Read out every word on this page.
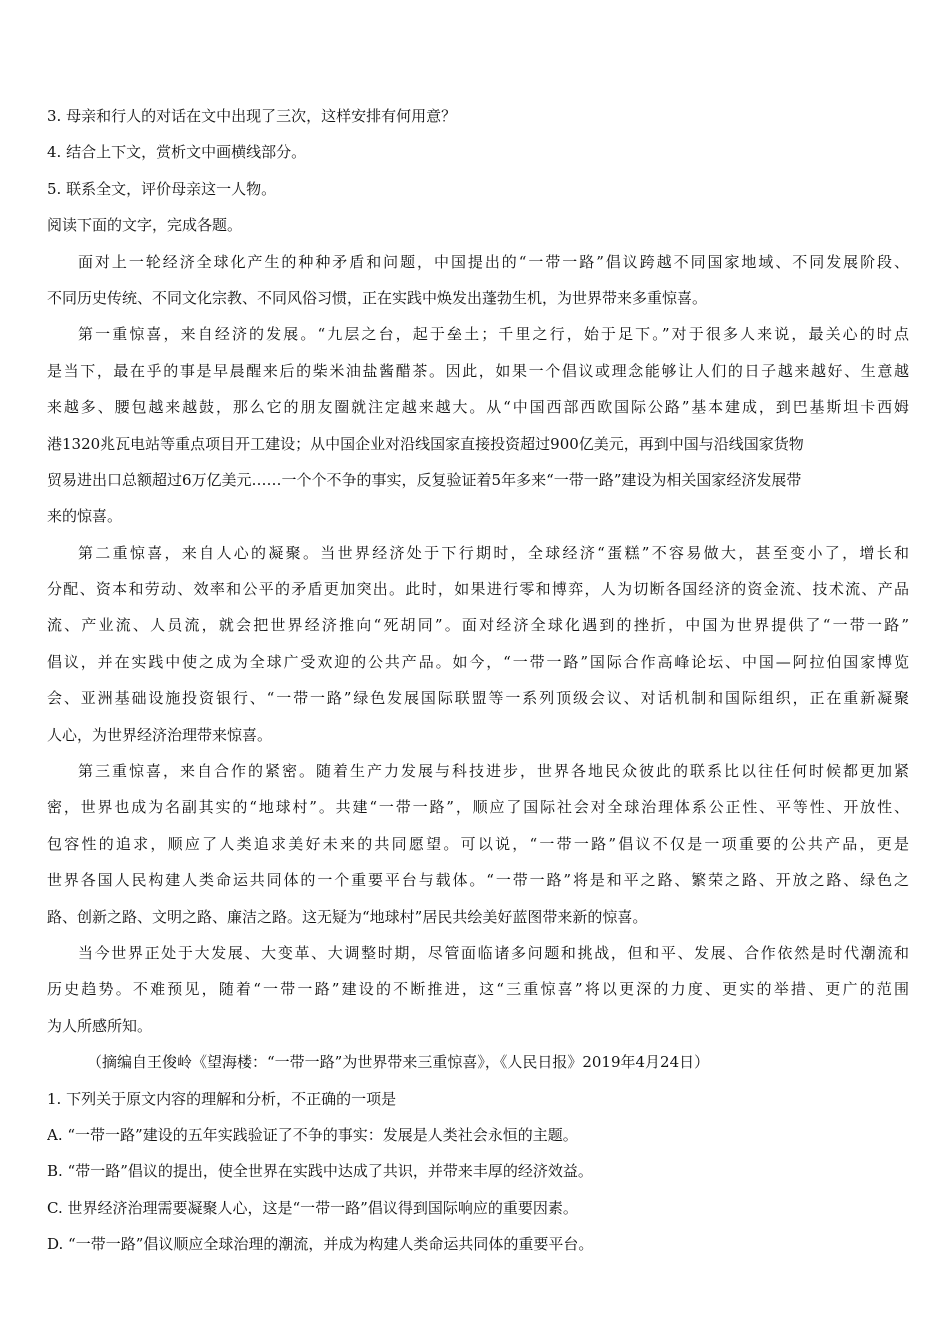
3. 母亲和行人的对话在文中出现了三次，这样安排有何用意？
4. 结合上下文，赏析文中画横线部分。
5. 联系全文，评价母亲这一人物。
阅读下面的文字，完成各题。
面对上一轮经济全球化产生的种种矛盾和问题，中国提出的“一带一路”倡议跨越不同国家地域、不同发展阶段、
不同历史传统、不同文化宗教、不同风俗习惯，正在实践中焕发出蓬勃生机，为世界带来多重惊喜。
第一重惊喜，来自经济的发展。“九层之台，起于垒土；千里之行，始于足下。”对于很多人来说，最关心的时点
是当下，最在乎的事是早晨醒来后的柴米油盐酱醋茶。因此，如果一个倡议或理念能够让人们的日子越来越好、生意越
来越多、腰包越来越鼓，那么它的朋友圈就注定越来越大。从“中国西部西欧国际公路”基本建成，到巴基斯坦卡西姆
港1320兆瓦电站等重点项目开工建设；从中国企业对沿线国家直接投资超过900亿美元，再到中国与沿线国家货物
贸易进出口总额超过6万亿美元……一个个不争的事实，反复验证着5年多来“一带一路”建设为相关国家经济发展带
来的惊喜。
第二重惊喜，来自人心的凝聚。当世界经济处于下行期时，全球经济“蛋糕”不容易做大，甚至变小了，增长和
分配、资本和劳动、效率和公平的矛盾更加突出。此时，如果进行零和博弈，人为切断各国经济的资金流、技术流、产品
流、产业流、人员流，就会把世界经济推向“死胡同”。面对经济全球化遇到的挫折，中国为世界提供了“一带一路”
倡议，并在实践中使之成为全球广受欢迎的公共产品。如今，“一带一路”国际合作高峰论坛、中国—阿拉伯国家博览
会、亚洲基础设施投资银行、“一带一路”绿色发展国际联盟等一系列顶级会议、对话机制和国际组织，正在重新凝聚
人心，为世界经济治理带来惊喜。
第三重惊喜，来自合作的紧密。随着生产力发展与科技进步，世界各地民众彼此的联系比以往任何时候都更加紧
密，世界也成为名副其实的“地球村”。共建“一带一路”，顺应了国际社会对全球治理体系公正性、平等性、开放性、
包容性的追求，顺应了人类追求美好未来的共同愿望。可以说，“一带一路”倡议不仅是一项重要的公共产品，更是
世界各国人民构建人类命运共同体的一个重要平台与载体。“一带一路”将是和平之路、繁荣之路、开放之路、绿色之
路、创新之路、文明之路、廉洁之路。这无疑为“地球村”居民共绘美好蓝图带来新的惊喜。
当今世界正处于大发展、大变革、大调整时期，尽管面临诸多问题和挑战，但和平、发展、合作依然是时代潮流和
历史趋势。不难预见，随着“一带一路”建设的不断推进，这“三重惊喜”将以更深的力度、更实的举措、更广的范围
为人所感所知。
（摘编自王俊岭《望海楼：“一带一路”为世界带来三重惊喜》，《人民日报》2019年4月24日）
1. 下列关于原文内容的理解和分析，不正确的一项是
A. “一带一路”建设的五年实践验证了不争的事实：发展是人类社会永恒的主题。
B. “带一路”倡议的提出，使全世界在实践中达成了共识，并带来丰厚的经济效益。
C. 世界经济治理需要凝聚人心，这是“一带一路”倡议得到国际响应的重要因素。
D. “一带一路”倡议顺应全球治理的潮流，并成为构建人类命运共同体的重要平台。
